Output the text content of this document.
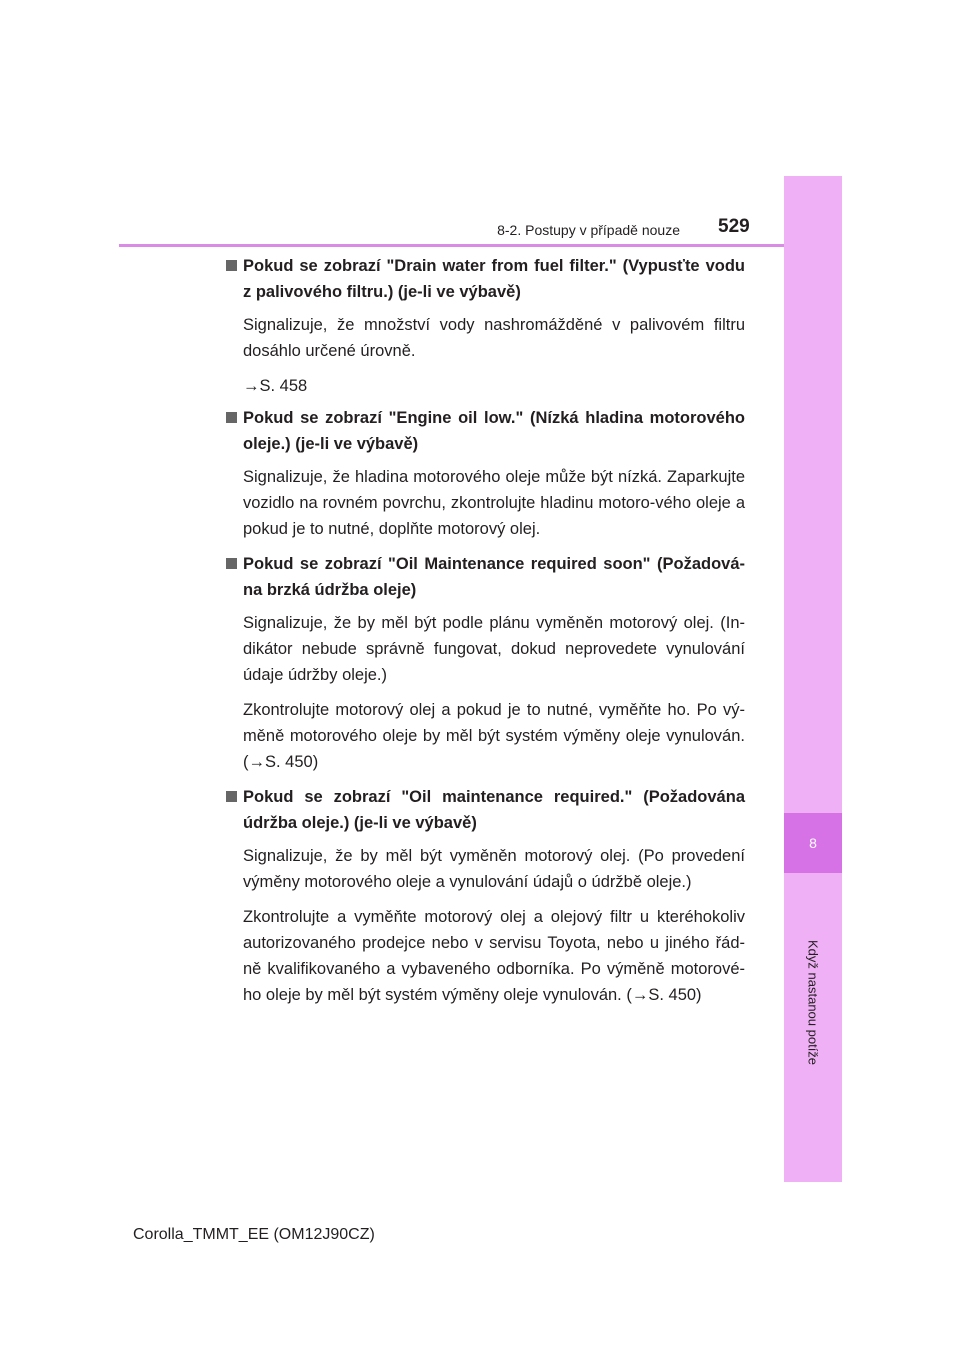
8
Když nastanou potíže
8-2. Postupy v případě nouze 529
Pokud se zobrazí "Drain water from fuel filter." (Vypusťte vodu z palivového filtru.) (je-li ve výbavě)

Signalizuje, že množství vody nashromážděné v palivovém filtru dosáhlo určené úrovně.

→S. 458

Pokud se zobrazí "Engine oil low." (Nízká hladina motorového oleje.) (je-li ve výbavě)

Signalizuje, že hladina motorového oleje může být nízká. Zaparkujte vozidlo na rovném povrchu, zkontrolujte hladinu motoro-vého oleje a pokud je to nutné, doplňte motorový olej.

Pokud se zobrazí "Oil Maintenance required soon" (Požadová-na brzká údržba oleje)

Signalizuje, že by měl být podle plánu vyměněn motorový olej. (In-dikátor nebude správně fungovat, dokud neprovedete vynulování údaje údržby oleje.)

Zkontrolujte motorový olej a pokud je to nutné, vyměňte ho. Po vý-měně motorového oleje by měl být systém výměny oleje vynulován. (→S. 450)

Pokud se zobrazí "Oil maintenance required." (Požadována údržba oleje.) (je-li ve výbavě)

Signalizuje, že by měl být vyměněn motorový olej. (Po provedení výměny motorového oleje a vynulování údajů o údržbě oleje.)

Zkontrolujte a vyměňte motorový olej a olejový filtr u kteréhokoliv autorizovaného prodejce nebo v servisu Toyota, nebo u jiného řád-ně kvalifikovaného a vybaveného odborníka. Po výměně motorové-ho oleje by měl být systém výměny oleje vynulován. (→S. 450)

Corolla_TMMT_EE (OM12J90CZ)
